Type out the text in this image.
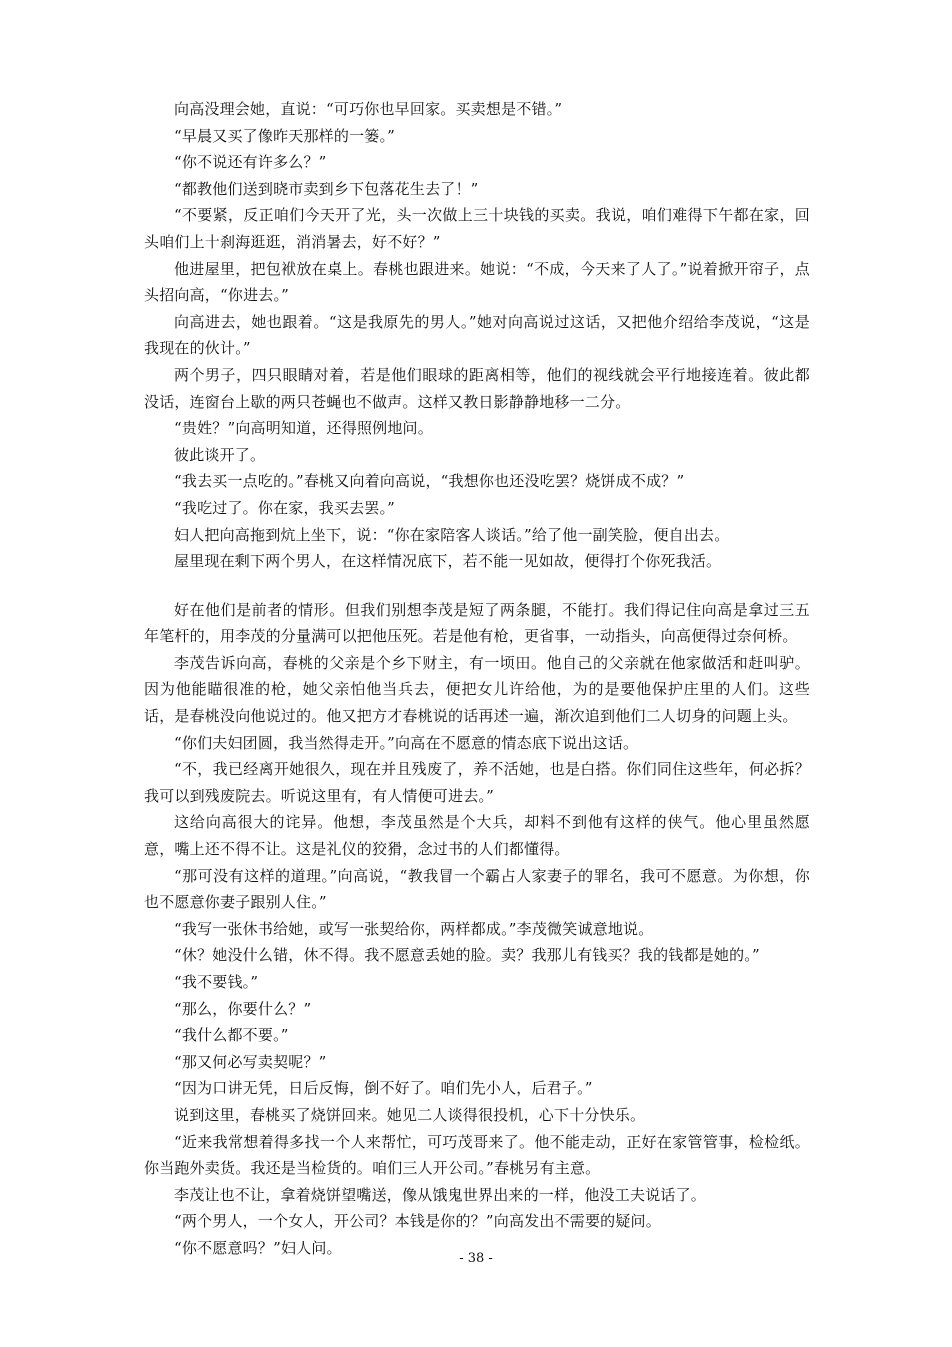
向高没理会她，直说：“可巧你也早回家。买卖想是不错。”

“早晨又买了像昨天那样的一篓。”

“你不说还有许多么？”

“都教他们送到晓市卖到乡下包落花生去了！”

“不要紧，反正咱们今天开了光，头一次做上三十块钱的买卖。我说，咱们难得下午都在家，回头咱们上十刹海逛逛，消消暑去，好不好？”

他进屋里，把包袱放在桌上。春桃也跟进来。她说：“不成，今天来了人了。”说着掀开帘子，点头招向高，“你进去。”

向高进去，她也跟着。“这是我原先的男人。”她对向高说过这话，又把他介绍给李茂说，“这是我现在的伙计。”

两个男子，四只眼睛对着，若是他们眼球的距离相等，他们的视线就会平行地接连着。彼此都没话，连窗台上歇的两只苍蝇也不做声。这样又教日影静静地移一二分。

“贵姓？”向高明知道，还得照例地问。

彼此谈开了。

“我去买一点吃的。”春桃又向着向高说，“我想你也还没吃罢？烧饼成不成？”

“我吃过了。你在家，我买去罢。”

妇人把向高拖到炕上坐下，说：“你在家陪客人谈话。”给了他一副笑脸，便自出去。

屋里现在剩下两个男人，在这样情况底下，若不能一见如故，便得打个你死我活。

好在他们是前者的情形。但我们别想李茂是短了两条腿，不能打。我们得记住向高是拿过三五年笔杆的，用李茂的分量满可以把他压死。若是他有枪，更省事，一动指头，向高便得过奈何桥。

李茂告诉向高，春桃的父亲是个乡下财主，有一顷田。他自己的父亲就在他家做活和赶叫驴。因为他能瞄很准的枪，她父亲怕他当兵去，便把女儿许给他，为的是要他保护庄里的人们。这些话，是春桃没向他说过的。他又把方才春桃说的话再述一遍，渐次追到他们二人切身的问题上头。

“你们夫妇团圆，我当然得走开。”向高在不愿意的情态底下说出这话。

“不，我已经离开她很久，现在并且残废了，养不活她，也是白搭。你们同住这些年，何必拆？我可以到残废院去。听说这里有，有人情便可进去。”

这给向高很大的诧异。他想，李茂虽然是个大兵，却料不到他有这样的侠气。他心里虽然愿意，嘴上还不得不让。这是礼仪的狡猾，念过书的人们都懂得。

“那可没有这样的道理。”向高说，“教我冒一个霸占人家妻子的罪名，我可不愿意。为你想，你也不愿意你妻子跟别人住。”

“我写一张休书给她，或写一张契给你，两样都成。”李茂微笑诚意地说。

“休？她没什么错，休不得。我不愿意丢她的脸。卖？我那儿有钱买？我的钱都是她的。”

“我不要钱。”

“那么，你要什么？”

“我什么都不要。”

“那又何必写卖契呢？”

“因为口讲无凭，日后反悔，倒不好了。咱们先小人，后君子。”

说到这里，春桃买了烧饼回来。她见二人谈得很投机，心下十分快乐。

“近来我常想着得多找一个人来帮忙，可巧茂哥来了。他不能走动，正好在家管管事，检检纸。你当跑外卖货。我还是当检货的。咱们三人开公司。”春桃另有主意。

李茂让也不让，拿着烧饼望嘴送，像从饿鬼世界出来的一样，他没工夫说话了。

“两个男人，一个女人，开公司？本钱是你的？”向高发出不需要的疑问。

“你不愿意吗？”妇人问。

- 38 -
